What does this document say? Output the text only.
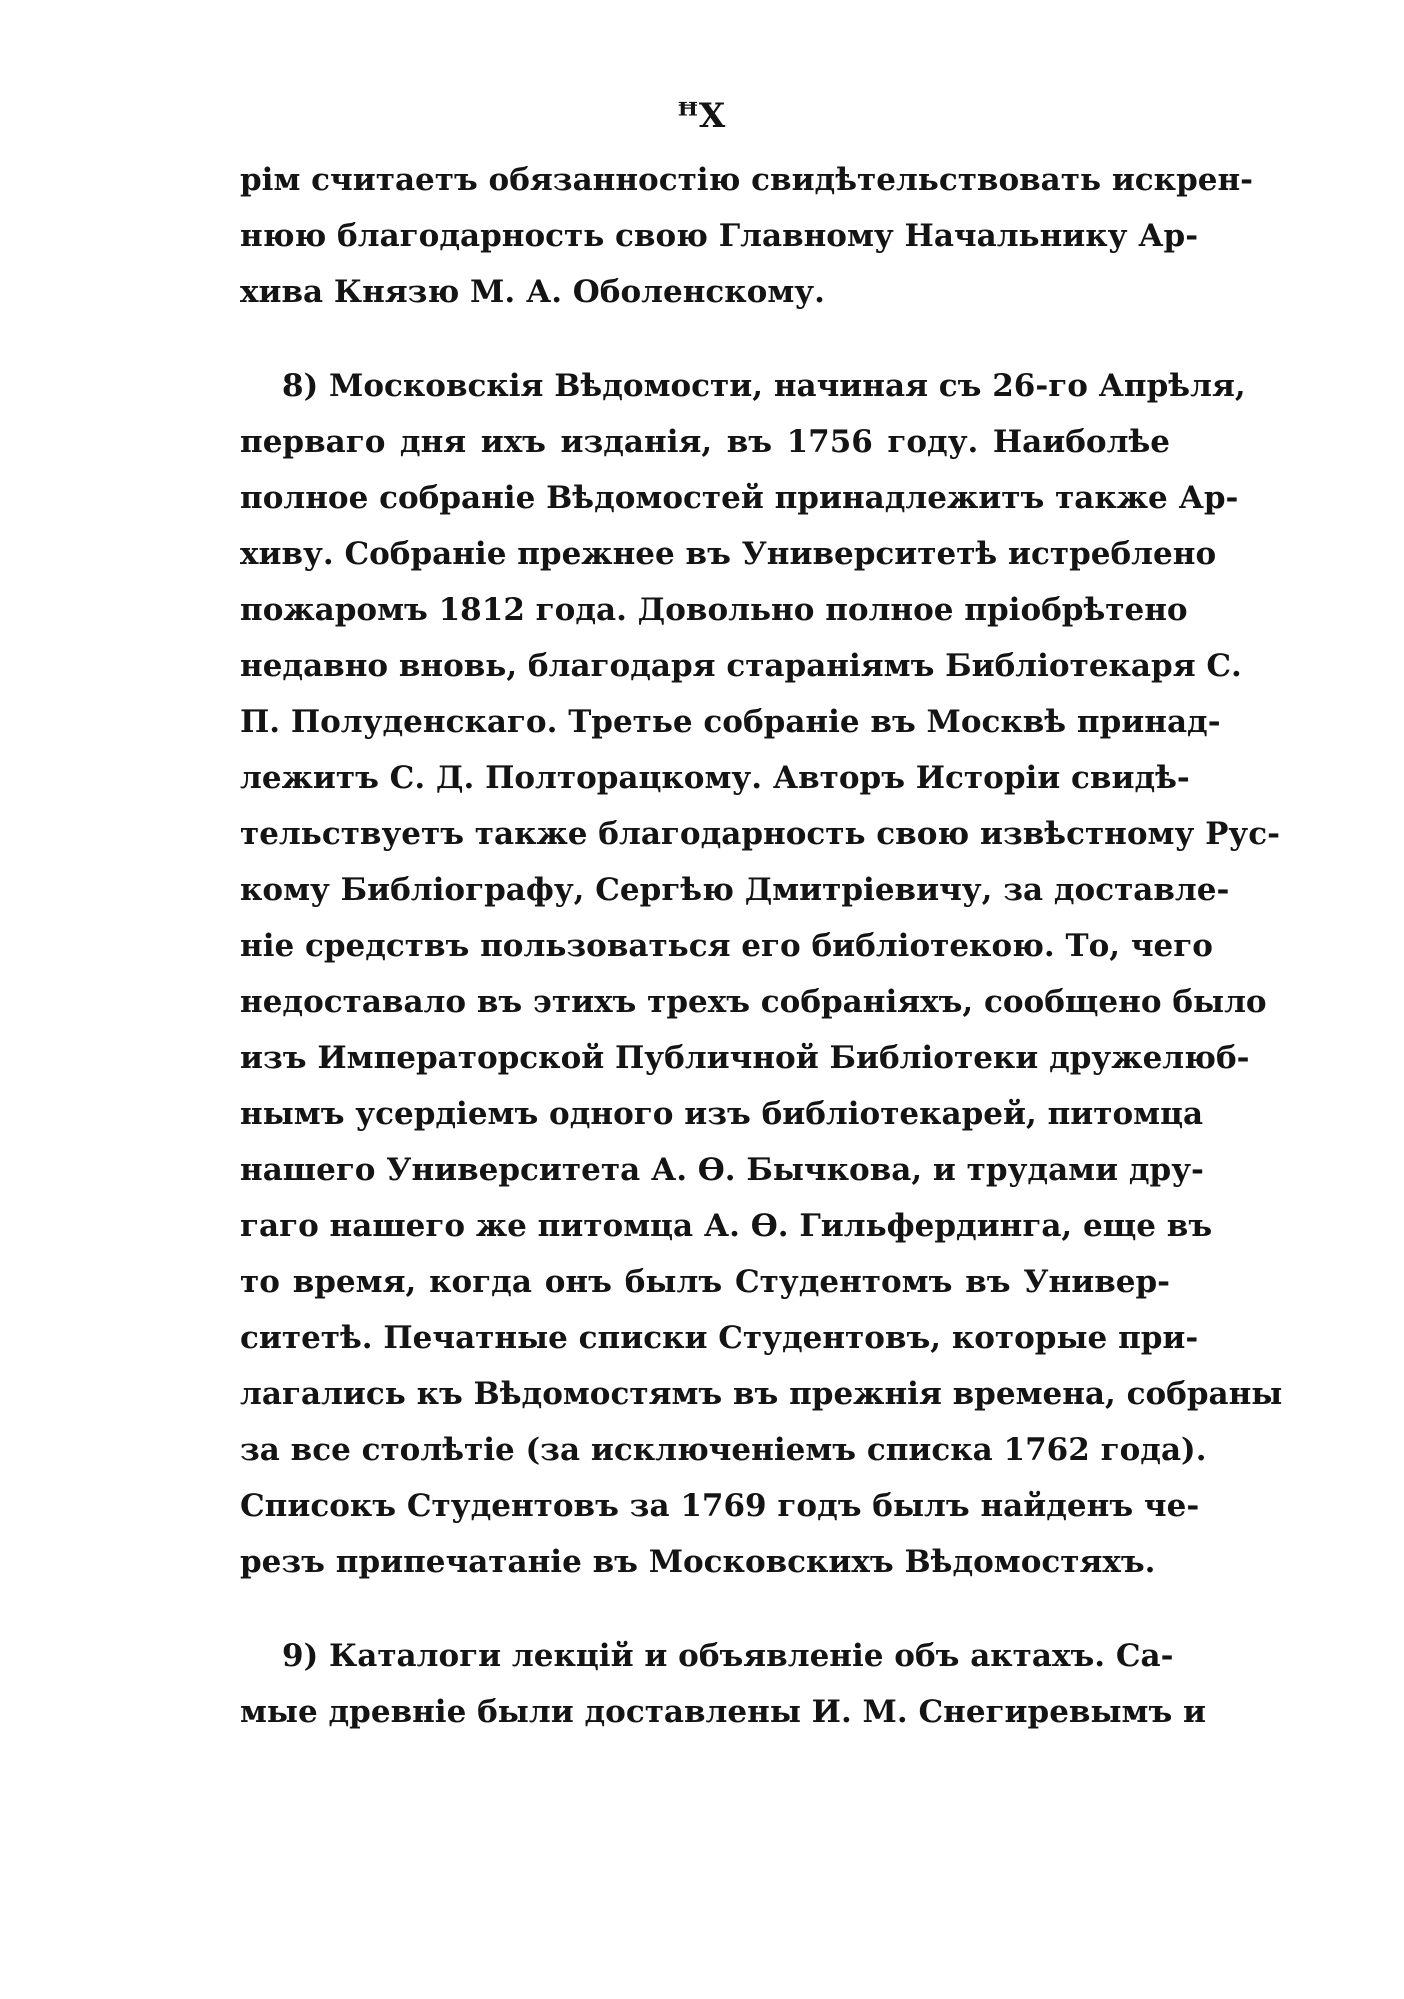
ꟸX
рім считаетъ обязанностію свидѣтельствовать искрен-
нюю благодарность свою Главному Начальнику Ар-
хива Князю М. А. Оболенскому.
8) Московскія Вѣдомости, начиная съ 26-го Апрѣля,
перваго дня ихъ изданія, въ 1756 году. Наиболѣе
полное собраніе Вѣдомостей принадлежитъ также Ар-
хиву. Собраніе прежнее въ Университетѣ истреблено
пожаромъ 1812 года. Довольно полное пріобрѣтено
недавно вновь, благодаря стараніямъ Библіотекаря С.
П. Полуденскаго. Третье собраніе въ Москвѣ принад-
лежитъ С. Д. Полторацкому. Авторъ Исторіи свидѣ-
тельствуетъ также благодарность свою извѣстному Рус-
кому Библіографу, Сергѣю Дмитріевичу, за доставле-
ніе средствъ пользоваться его библіотекою. То, чего
недоставало въ этихъ трехъ собраніяхъ, сообщено было
изъ Императорской Публичной Библіотеки дружелюб-
нымъ усердіемъ одного изъ библіотекарей, питомца
нашего Университета А. Ѳ. Бычкова, и трудами дру-
гаго нашего же питомца А. Ѳ. Гильфердинга, еще въ
то время, когда онъ былъ Студентомъ въ Универ-
ситетѣ. Печатные списки Студентовъ, которые при-
лагались къ Вѣдомостямъ въ прежнія времена, собраны
за все столѣтіе (за исключеніемъ списка 1762 года).
Списокъ Студентовъ за 1769 годъ былъ найденъ че-
резъ припечатаніе въ Московскихъ Вѣдомостяхъ.
9) Каталоги лекцій и объявленіе объ актахъ. Са-
мые древніе были доставлены И. М. Снегиревымъ и
